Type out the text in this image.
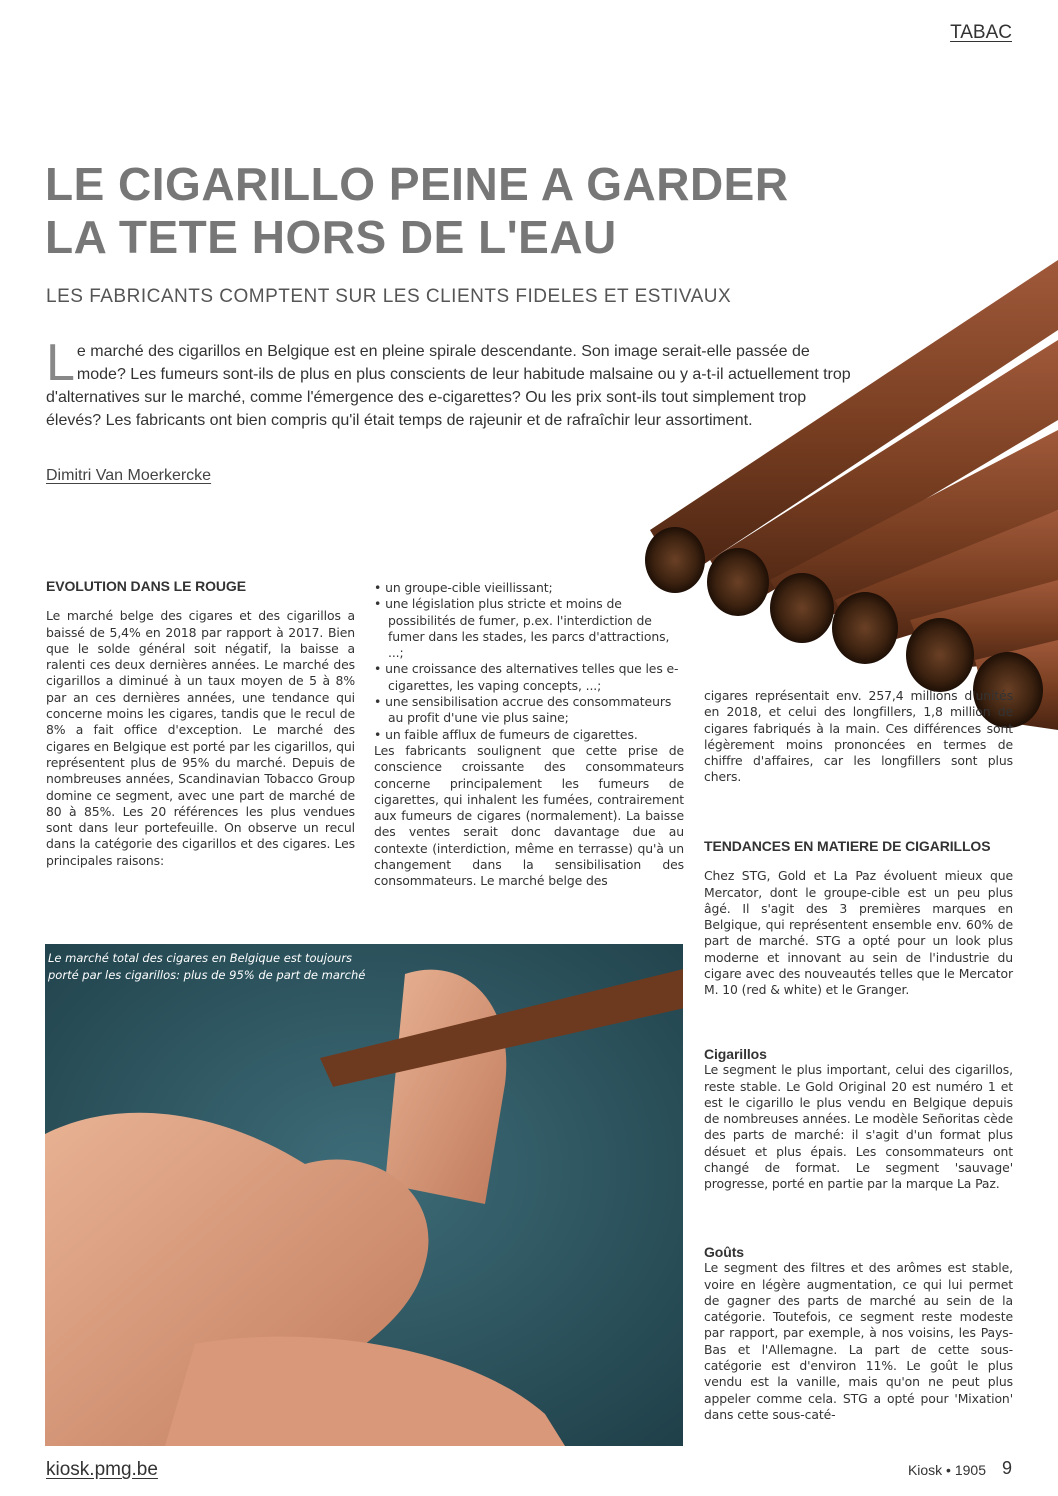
TABAC
LE CIGARILLO PEINE A GARDER
LA TETE HORS DE L'EAU
LES FABRICANTS COMPTENT SUR LES CLIENTS FIDELES ET ESTIVAUX
L e marché des cigarillos en Belgique est en pleine spirale descendante. Son image serait-elle passée de mode? Les fumeurs sont-ils de plus en plus conscients de leur habitude malsaine ou y a-t-il actuellement trop d'alternatives sur le marché, comme l'émergence des e-cigarettes? Ou les prix sont-ils tout simplement trop élevés? Les fabricants ont bien compris qu'il était temps de rajeunir et de rafraîchir leur assortiment.

Dimitri Van Moerkercke
EVOLUTION DANS LE ROUGE

Le marché belge des cigares et des cigarillos a baissé de 5,4% en 2018 par rapport à 2017. Bien que le solde général soit négatif, la baisse a ralenti ces deux dernières années. Le marché des cigarillos a diminué à un taux moyen de 5 à 8% par an ces dernières années, une tendance qui concerne moins les cigares, tandis que le recul de 8% a fait office d'exception. Le marché des cigares en Belgique est porté par les cigarillos, qui représentent plus de 95% du marché. Depuis de nombreuses années, Scandinavian Tobacco Group domine ce segment, avec une part de marché de 80 à 85%. Les 20 références les plus vendues sont dans leur portefeuille. On observe un recul dans la catégorie des cigarillos et des cigares. Les principales raisons:

• un groupe-cible vieillissant;
• une législation plus stricte et moins de possibilités de fumer, p.ex. l'interdiction de fumer dans les stades, les parcs d'attractions, ...;
• une croissance des alternatives telles que les e-cigarettes, les vaping concepts, ...;
• une sensibilisation accrue des consommateurs au profit d'une vie plus saine;
• un faible afflux de fumeurs de cigarettes.

Les fabricants soulignent que cette prise de conscience croissante des consommateurs concerne principalement les fumeurs de cigarettes, qui inhalent les fumées, contrairement aux fumeurs de cigares (normalement). La baisse des ventes serait donc davantage due au contexte (interdiction, même en terrasse) qu'à un changement dans la sensibilisation des consommateurs. Le marché belge des

cigares représentait env. 257,4 millions d'unités en 2018, et celui des longfillers, 1,8 million de cigares fabriqués à la main. Ces différences sont légèrement moins prononcées en termes de chiffre d'affaires, car les longfillers sont plus chers.

TENDANCES EN MATIERE DE CIGARILLOS

Chez STG, Gold et La Paz évoluent mieux que Mercator, dont le groupe-cible est un peu plus âgé. Il s'agit des 3 premières marques en Belgique, qui représentent ensemble env. 60% de part de marché. STG a opté pour un look plus moderne et innovant au sein de l'industrie du cigare avec des nouveautés telles que le Mercator M. 10 (red & white) et le Granger.

Cigarillos

Le segment le plus important, celui des cigarillos, reste stable. Le Gold Original 20 est numéro 1 et est le cigarillo le plus vendu en Belgique depuis de nombreuses années. Le modèle Señoritas cède des parts de marché: il s'agit d'un format plus désuet et plus épais. Les consommateurs ont changé de format. Le segment 'sauvage' progresse, porté en partie par la marque La Paz.

Goûts

Le segment des filtres et des arômes est stable, voire en légère augmentation, ce qui lui permet de gagner des parts de marché au sein de la catégorie. Toutefois, ce segment reste modeste par rapport, par exemple, à nos voisins, les Pays-Bas et l'Allemagne. La part de cette sous-catégorie est d'environ 11%. Le goût le plus vendu est la vanille, mais qu'on ne peut plus appeler comme cela. STG a opté pour 'Mixation' dans cette sous-caté-

Le marché total des cigares en Belgique est toujours porté par les cigarillos: plus de 95% de part de marché
kiosk.pmg.be	Kiosk • 1905 9
